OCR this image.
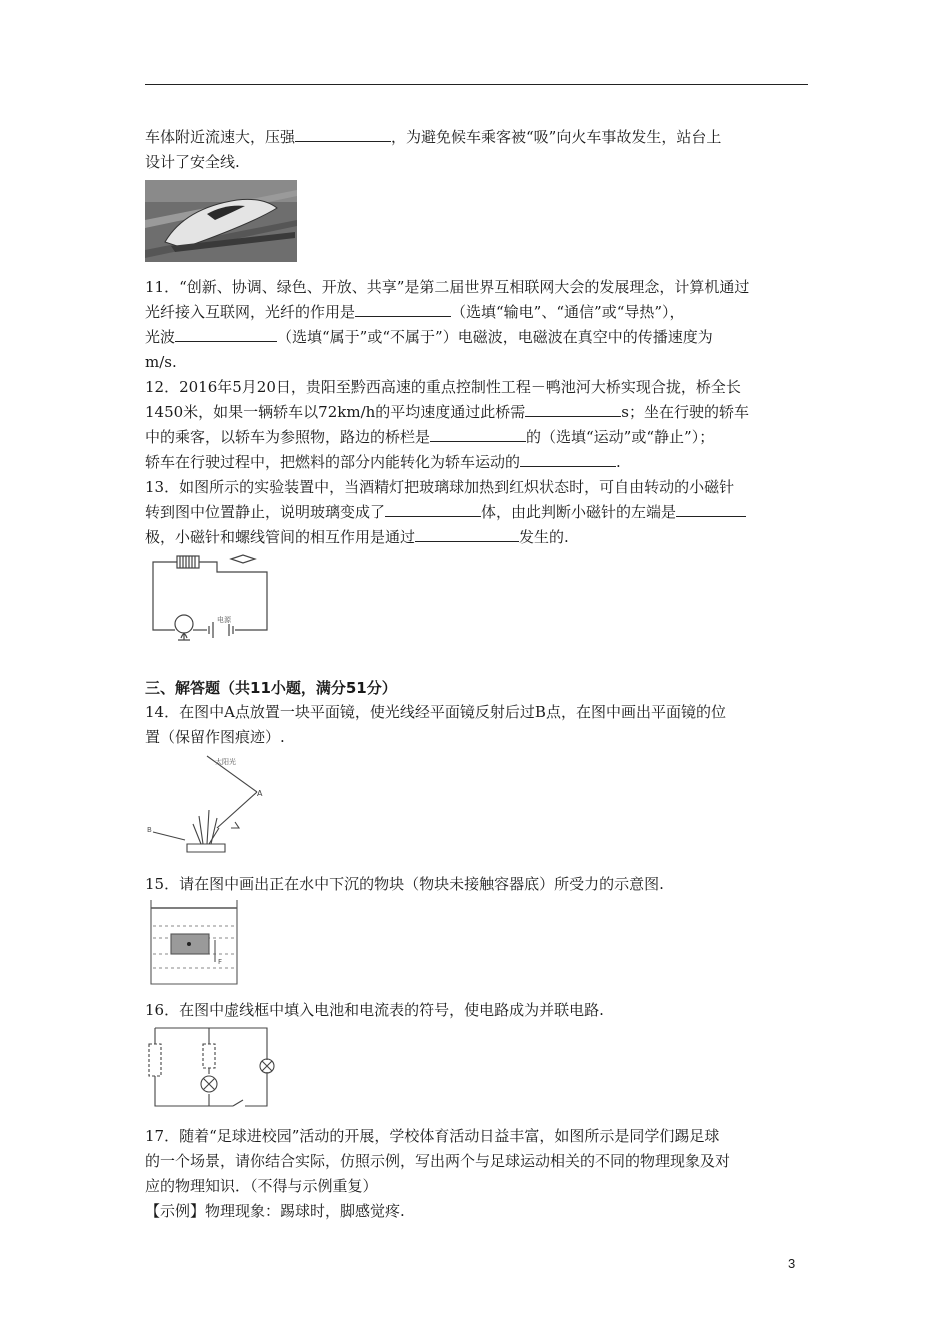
车体附近流速大，压强	，为避免候车乘客被“吸”向火车事故发生，站台上
设计了安全线.
11．“创新、协调、绿色、开放、共享”是第二届世界互相联网大会的发展理念，计算机通过
光纤接入互联网，光纤的作用是	（选填“输电”、“通信”或“导热”），
光波	（选填“属于”或“不属于”）电磁波，电磁波在真空中的传播速度为
m/s.
12．2016年5月20日，贵阳至黔西高速的重点控制性工程－鸭池河大桥实现合拢，桥全长
1450米，如果一辆轿车以72km/h的平均速度通过此桥需	s；坐在行驶的轿车
中的乘客，以轿车为参照物，路边的桥栏是	的（选填“运动”或“静止”）；
轿车在行驶过程中，把燃料的部分内能转化为轿车运动的	.
13．如图所示的实验装置中，当酒精灯把玻璃球加热到红炽状态时，可自由转动的小磁针
转到图中位置静止，说明玻璃变成了	体，由此判断小磁针的左端是
极，小磁针和螺线管间的相互作用是通过	发生的.
电源
三、解答题（共11小题，满分51分）
14．在图中A点放置一块平面镜，使光线经平面镜反射后过B点，在图中画出平面镜的位
置（保留作图痕迹）.
太阳光
A
B
15．请在图中画出正在水中下沉的物块（物块未接触容器底）所受力的示意图.
F
16．在图中虚线框中填入电池和电流表的符号，使电路成为并联电路.
17．随着“足球进校园”活动的开展，学校体育活动日益丰富，如图所示是同学们踢足球
的一个场景，请你结合实际，仿照示例，写出两个与足球运动相关的不同的物理现象及对
应的物理知识．（不得与示例重复）
【示例】物理现象：踢球时，脚感觉疼.
3
